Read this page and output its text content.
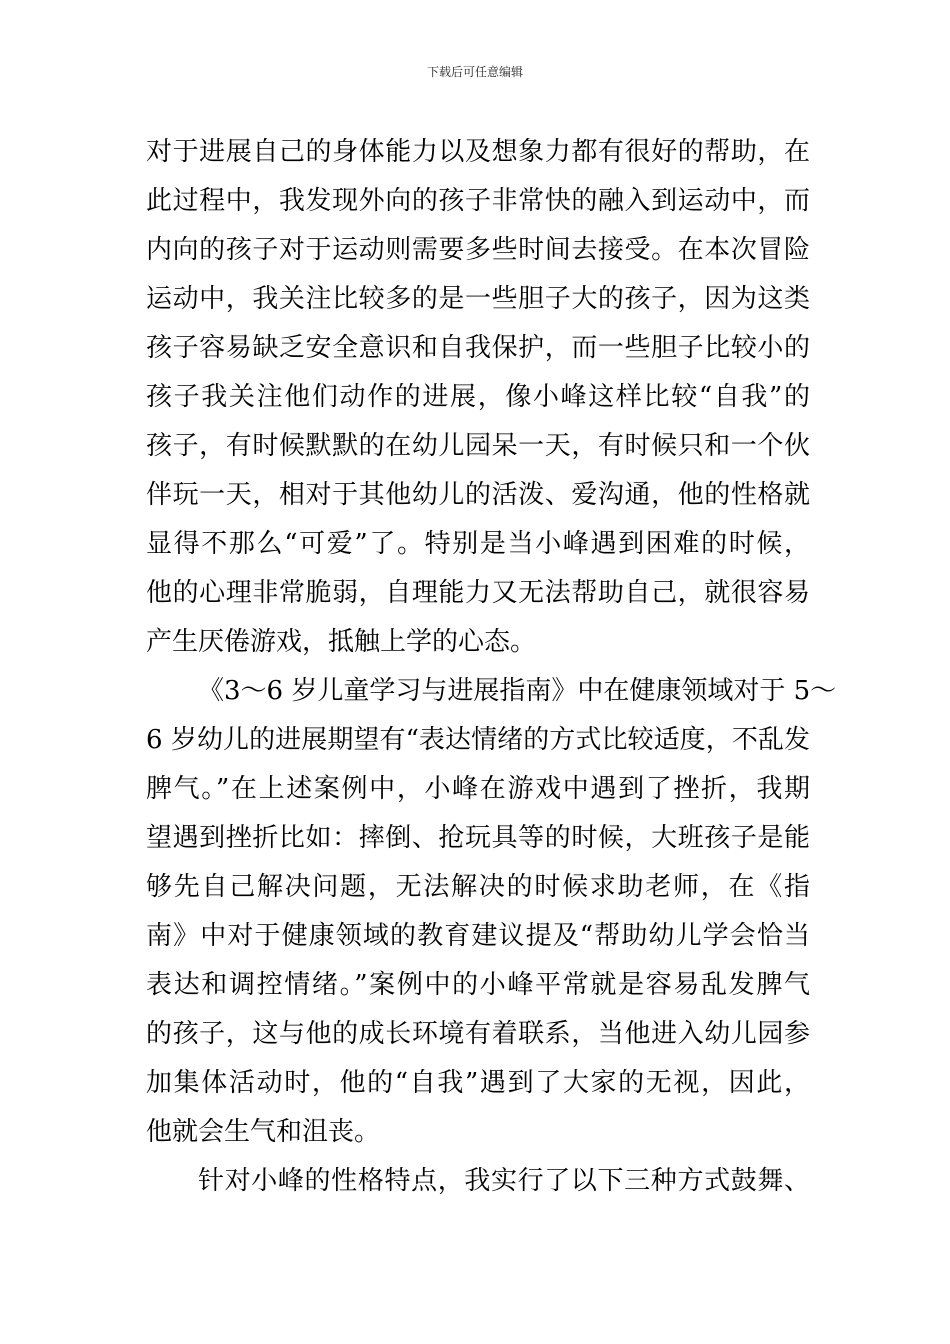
下载后可任意编辑
对于进展自己的身体能力以及想象力都有很好的帮助，在
此过程中，我发现外向的孩子非常快的融入到运动中，而
内向的孩子对于运动则需要多些时间去接受。在本次冒险
运动中，我关注比较多的是一些胆子大的孩子，因为这类
孩子容易缺乏安全意识和自我保护，而一些胆子比较小的
孩子我关注他们动作的进展，像小峰这样比较“自我”的
孩子，有时候默默的在幼儿园呆一天，有时候只和一个伙
伴玩一天，相对于其他幼儿的活泼、爱沟通，他的性格就
显得不那么“可爱”了。特别是当小峰遇到困难的时候，
他的心理非常脆弱，自理能力又无法帮助自己，就很容易
产生厌倦游戏，抵触上学的心态。
《3～6 岁儿童学习与进展指南》中在健康领域对于 5～
6 岁幼儿的进展期望有“表达情绪的方式比较适度，不乱发
脾气。”在上述案例中，小峰在游戏中遇到了挫折，我期
望遇到挫折比如：摔倒、抢玩具等的时候，大班孩子是能
够先自己解决问题，无法解决的时候求助老师，在《指
南》中对于健康领域的教育建议提及“帮助幼儿学会恰当
表达和调控情绪。”案例中的小峰平常就是容易乱发脾气
的孩子，这与他的成长环境有着联系，当他进入幼儿园参
加集体活动时，他的“自我”遇到了大家的无视，因此，
他就会生气和沮丧。
针对小峰的性格特点，我实行了以下三种方式鼓舞、
